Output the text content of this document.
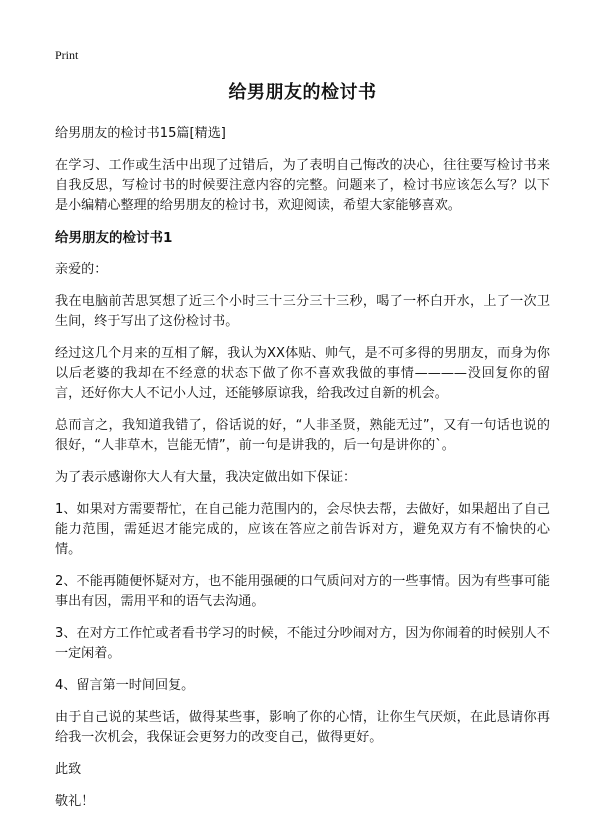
Print
给男朋友的检讨书

给男朋友的检讨书15篇[精选]

在学习、工作或生活中出现了过错后，为了表明自己悔改的决心，往往要写检讨书来自我反思，写检讨书的时候要注意内容的完整。问题来了，检讨书应该怎么写？以下是小编精心整理的给男朋友的检讨书，欢迎阅读，希望大家能够喜欢。

给男朋友的检讨书1

亲爱的：

我在电脑前苦思冥想了近三个小时三十三分三十三秒，喝了一杯白开水，上了一次卫生间，终于写出了这份检讨书。

经过这几个月来的互相了解，我认为XX体贴、帅气，是不可多得的男朋友，而身为你以后老婆的我却在不经意的状态下做了你不喜欢我做的事情————没回复你的留言，还好你大人不记小人过，还能够原谅我，给我改过自新的机会。

总而言之，我知道我错了，俗话说的好，“人非圣贤，熟能无过”，又有一句话也说的很好，“人非草木，岂能无情”，前一句是讲我的，后一句是讲你的`。

为了表示感谢你大人有大量，我决定做出如下保证：

1、如果对方需要帮忙，在自己能力范围内的，会尽快去帮，去做好，如果超出了自己能力范围，需延迟才能完成的，应该在答应之前告诉对方，避免双方有不愉快的心情。

2、不能再随便怀疑对方，也不能用强硬的口气质问对方的一些事情。因为有些事可能事出有因，需用平和的语气去沟通。

3、在对方工作忙或者看书学习的时候，不能过分吵闹对方，因为你闹着的时候别人不一定闲着。

4、留言第一时间回复。

由于自己说的某些话，做得某些事，影响了你的心情，让你生气厌烦，在此恳请你再给我一次机会，我保证会更努力的改变自己，做得更好。

此致

敬礼！
